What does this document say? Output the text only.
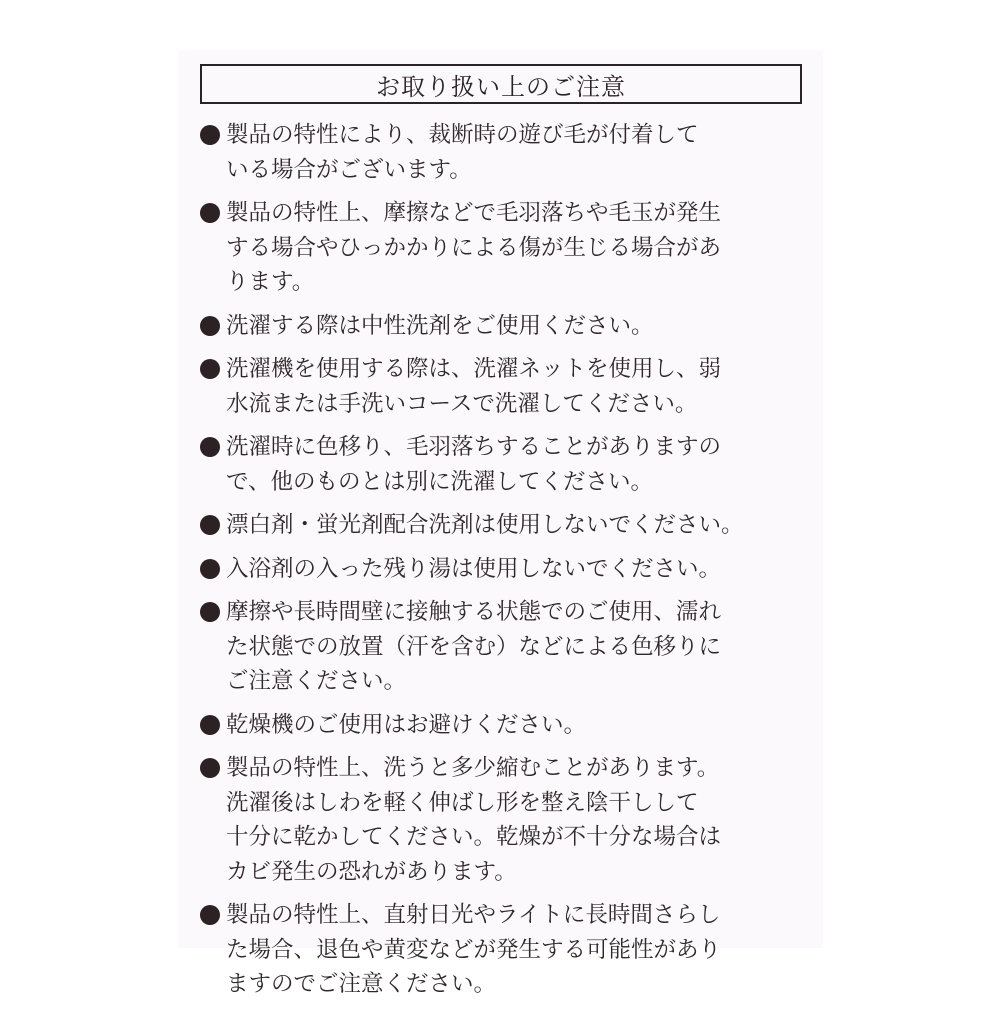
お取り扱い上のご注意
製品の特性により、裁断時の遊び毛が付着して
いる場合がございます。
製品の特性上、摩擦などで毛羽落ちや毛玉が発生
する場合やひっかかりによる傷が生じる場合があ
ります。
洗濯する際は中性洗剤をご使用ください。
洗濯機を使用する際は、洗濯ネットを使用し、弱
水流または手洗いコースで洗濯してください。
洗濯時に色移り、毛羽落ちすることがありますの
で、他のものとは別に洗濯してください。
漂白剤・蛍光剤配合洗剤は使用しないでください。
入浴剤の入った残り湯は使用しないでください。
摩擦や長時間壁に接触する状態でのご使用、濡れ
た状態での放置（汗を含む）などによる色移りに
ご注意ください。
乾燥機のご使用はお避けください。
製品の特性上、洗うと多少縮むことがあります。
洗濯後はしわを軽く伸ばし形を整え陰干しして
十分に乾かしてください。乾燥が不十分な場合は
カビ発生の恐れがあります。
製品の特性上、直射日光やライトに長時間さらし
た場合、退色や黄変などが発生する可能性があり
ますのでご注意ください。
